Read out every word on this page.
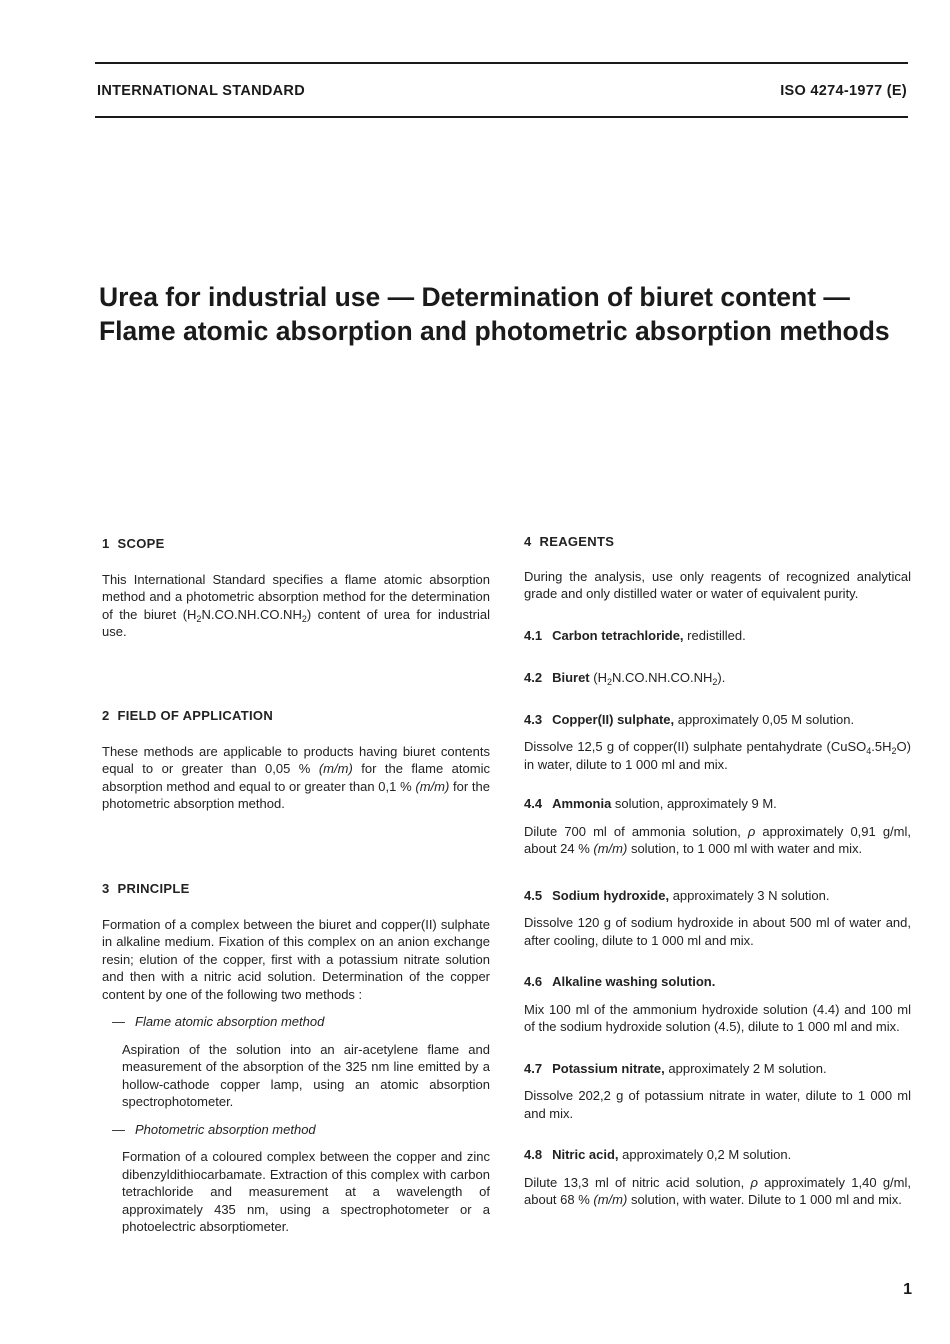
INTERNATIONAL STANDARD	ISO 4274-1977 (E)
Urea for industrial use — Determination of biuret content —
Flame atomic absorption and photometric absorption methods
1 SCOPE

This International Standard specifies a flame atomic absorption method and a photometric absorption method for the determination of the biuret $(H_2N.CO.NH.CO.NH_2)$ content of urea for industrial use.

2 FIELD OF APPLICATION

These methods are applicable to products having biuret contents equal to or greater than 0,05 % (m/m) for the flame atomic absorption method and equal to or greater than 0,1 % (m/m) for the photometric absorption method.

3 PRINCIPLE

Formation of a complex between the biuret and copper(II) sulphate in alkaline medium. Fixation of this complex on an anion exchange resin; elution of the copper, first with a potassium nitrate solution and then with a nitric acid solution. Determination of the copper content by one of the following two methods :

— Flame atomic absorption method

Aspiration of the solution into an air-acetylene flame and measurement of the absorption of the 325 nm line emitted by a hollow-cathode copper lamp, using an atomic absorption spectrophotometer.

— Photometric absorption method

Formation of a coloured complex between the copper and zinc dibenzyldithiocarbamate. Extraction of this complex with carbon tetrachloride and measurement at a wavelength of approximately 435 nm, using a spectrophotometer or a photoelectric absorptiometer.

4 REAGENTS

During the analysis, use only reagents of recognized analytical grade and only distilled water or water of equivalent purity.

4.1 Carbon tetrachloride, redistilled.
4.2 Biuret $(H_2N.CO.NH.CO.NH_2)$.
4.3 Copper(II) sulphate, approximately 0,05 M solution.

Dissolve 12,5 g of copper(II) sulphate pentahydrate $(CuSO_4.5H_2O)$ in water, dilute to 1 000 ml and mix.

4.4 Ammonia solution, approximately 9 M.

Dilute 700 ml of ammonia solution, ρ approximately 0,91 g/ml, about 24 % (m/m) solution, to 1 000 ml with water and mix.

4.5 Sodium hydroxide, approximately 3 N solution.

Dissolve 120 g of sodium hydroxide in about 500 ml of water and, after cooling, dilute to 1 000 ml and mix.

4.6 Alkaline washing solution.

Mix 100 ml of the ammonium hydroxide solution (4.4) and 100 ml of the sodium hydroxide solution (4.5), dilute to 1 000 ml and mix.

4.7 Potassium nitrate, approximately 2 M solution.

Dissolve 202,2 g of potassium nitrate in water, dilute to 1 000 ml and mix.

4.8 Nitric acid, approximately 0,2 M solution.

Dilute 13,3 ml of nitric acid solution, ρ approximately 1,40 g/ml, about 68 % (m/m) solution, with water. Dilute to 1 000 ml and mix.

1
